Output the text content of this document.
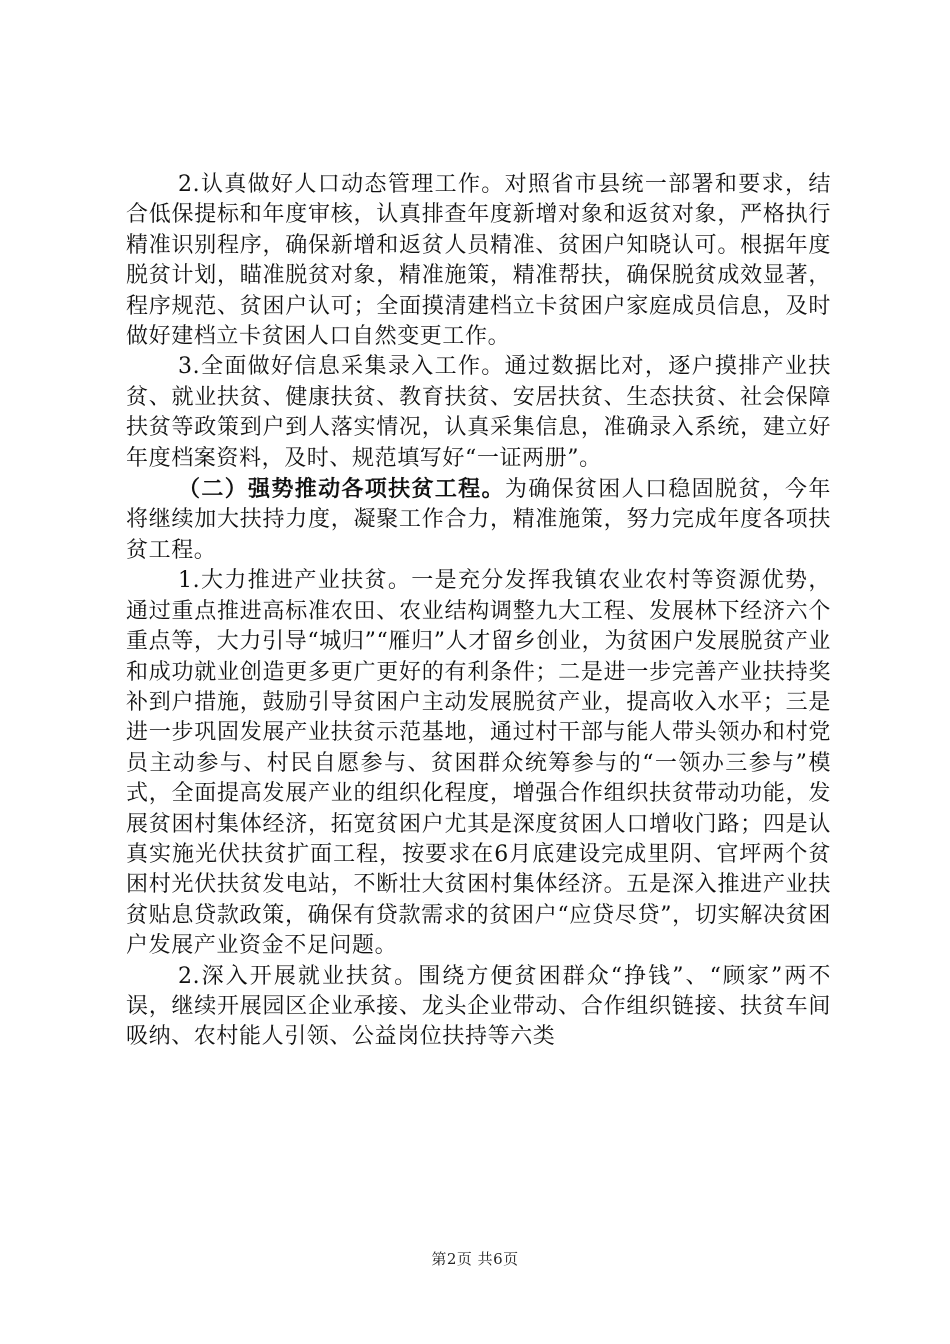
2.认真做好人口动态管理工作。对照省市县统一部署和要求，结合低保提标和年度审核，认真排查年度新增对象和返贫对象，严格执行精准识别程序，确保新增和返贫人员精准、贫困户知晓认可。根据年度脱贫计划，瞄准脱贫对象，精准施策，精准帮扶，确保脱贫成效显著，程序规范、贫困户认可；全面摸清建档立卡贫困户家庭成员信息，及时做好建档立卡贫困人口自然变更工作。

3.全面做好信息采集录入工作。通过数据比对，逐户摸排产业扶贫、就业扶贫、健康扶贫、教育扶贫、安居扶贫、生态扶贫、社会保障扶贫等政策到户到人落实情况，认真采集信息，准确录入系统，建立好年度档案资料，及时、规范填写好“一证两册”。

（二）强势推动各项扶贫工程。为确保贫困人口稳固脱贫，今年将继续加大扶持力度，凝聚工作合力，精准施策，努力完成年度各项扶贫工程。

1.大力推进产业扶贫。一是充分发挥我镇农业农村等资源优势，通过重点推进高标准农田、农业结构调整九大工程、发展林下经济六个重点等，大力引导“城归”“雁归”人才留乡创业，为贫困户发展脱贫产业和成功就业创造更多更广更好的有利条件；二是进一步完善产业扶持奖补到户措施，鼓励引导贫困户主动发展脱贫产业，提高收入水平；三是进一步巩固发展产业扶贫示范基地，通过村干部与能人带头领办和村党员主动参与、村民自愿参与、贫困群众统筹参与的“一领办三参与”模式，全面提高发展产业的组织化程度，增强合作组织扶贫带动功能，发展贫困村集体经济，拓宽贫困户尤其是深度贫困人口增收门路；四是认真实施光伏扶贫扩面工程，按要求在6月底建设完成里阴、官坪两个贫困村光伏扶贫发电站，不断壮大贫困村集体经济。五是深入推进产业扶贫贴息贷款政策，确保有贷款需求的贫困户“应贷尽贷”，切实解决贫困户发展产业资金不足问题。

2.深入开展就业扶贫。围绕方便贫困群众“挣钱”、“顾家”两不误，继续开展园区企业承接、龙头企业带动、合作组织链接、扶贫车间吸纳、农村能人引领、公益岗位扶持等六类

第2页 共6页
